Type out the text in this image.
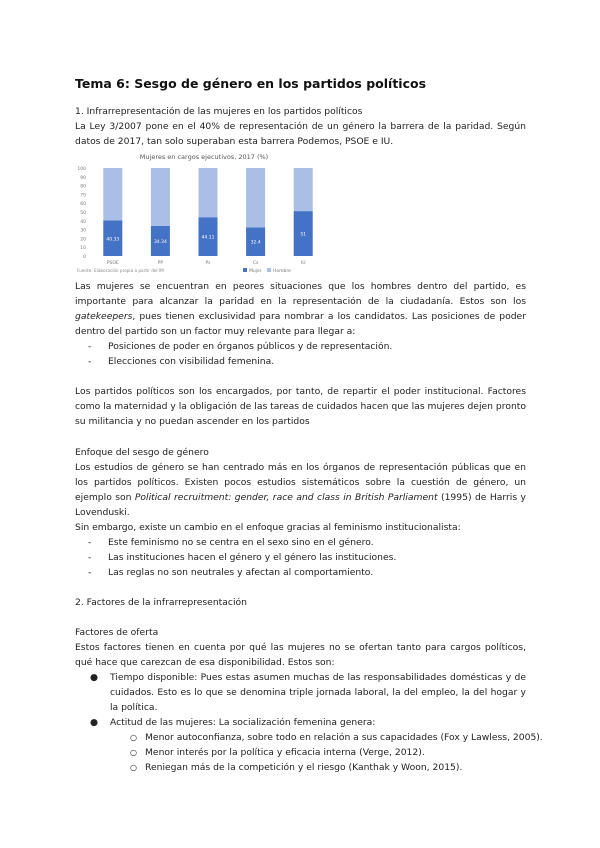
Tema 6: Sesgo de género en los partidos políticos
1. Infrarrepresentación de las mujeres en los partidos políticos
La Ley 3/2007 pone en el 40% de representación de un género la barrera de la paridad. Según datos de 2017, tan solo superaban esta barrera Podemos, PSOE e IU.
Mujeres en cargos ejecutivos, 2017 (%)
0
10
20
30
40
50
60
70
80
90
100
40.33
PSOE
34.34
PP
44.11
Ps
32.4
Cs
51
IU
Fuente: Elaboración propia a partir del IM	Mujer	Hombre
Las mujeres se encuentran en peores situaciones que los hombres dentro del partido, es importante para alcanzar la paridad en la representación de la ciudadanía. Estos son los gatekeepers, pues tienen exclusividad para nombrar a los candidatos. Las posiciones de poder dentro del partido son un factor muy relevante para llegar a:
- Posiciones de poder en órganos públicos y de representación.
- Elecciones con visibilidad femenina.
Los partidos políticos son los encargados, por tanto, de repartir el poder institucional. Factores como la maternidad y la obligación de las tareas de cuidados hacen que las mujeres dejen pronto su militancia y no puedan ascender en los partidos
Enfoque del sesgo de género
Los estudios de género se han centrado más en los órganos de representación públicas que en los partidos políticos. Existen pocos estudios sistemáticos sobre la cuestión de género, un ejemplo son Political recruitment: gender, race and class in British Parliament (1995) de Harris y Lovenduski.
Sin embargo, existe un cambio en el enfoque gracias al feminismo institucionalista:
- Este feminismo no se centra en el sexo sino en el género.
- Las instituciones hacen el género y el género las instituciones.
- Las reglas no son neutrales y afectan al comportamiento.
2. Factores de la infrarrepresentación
Factores de oferta
Estos factores tienen en cuenta por qué las mujeres no se ofertan tanto para cargos políticos, qué hace que carezcan de esa disponibilidad. Estos son:
● Tiempo disponible: Pues estas asumen muchas de las responsabilidades domésticas y de cuidados. Esto es lo que se denomina triple jornada laboral, la del empleo, la del hogar y la política.
● Actitud de las mujeres: La socialización femenina genera:
○ Menor autoconfianza, sobre todo en relación a sus capacidades (Fox y Lawless, 2005).
○ Menor interés por la política y eficacia interna (Verge, 2012).
○ Reniegan más de la competición y el riesgo (Kanthak y Woon, 2015).
